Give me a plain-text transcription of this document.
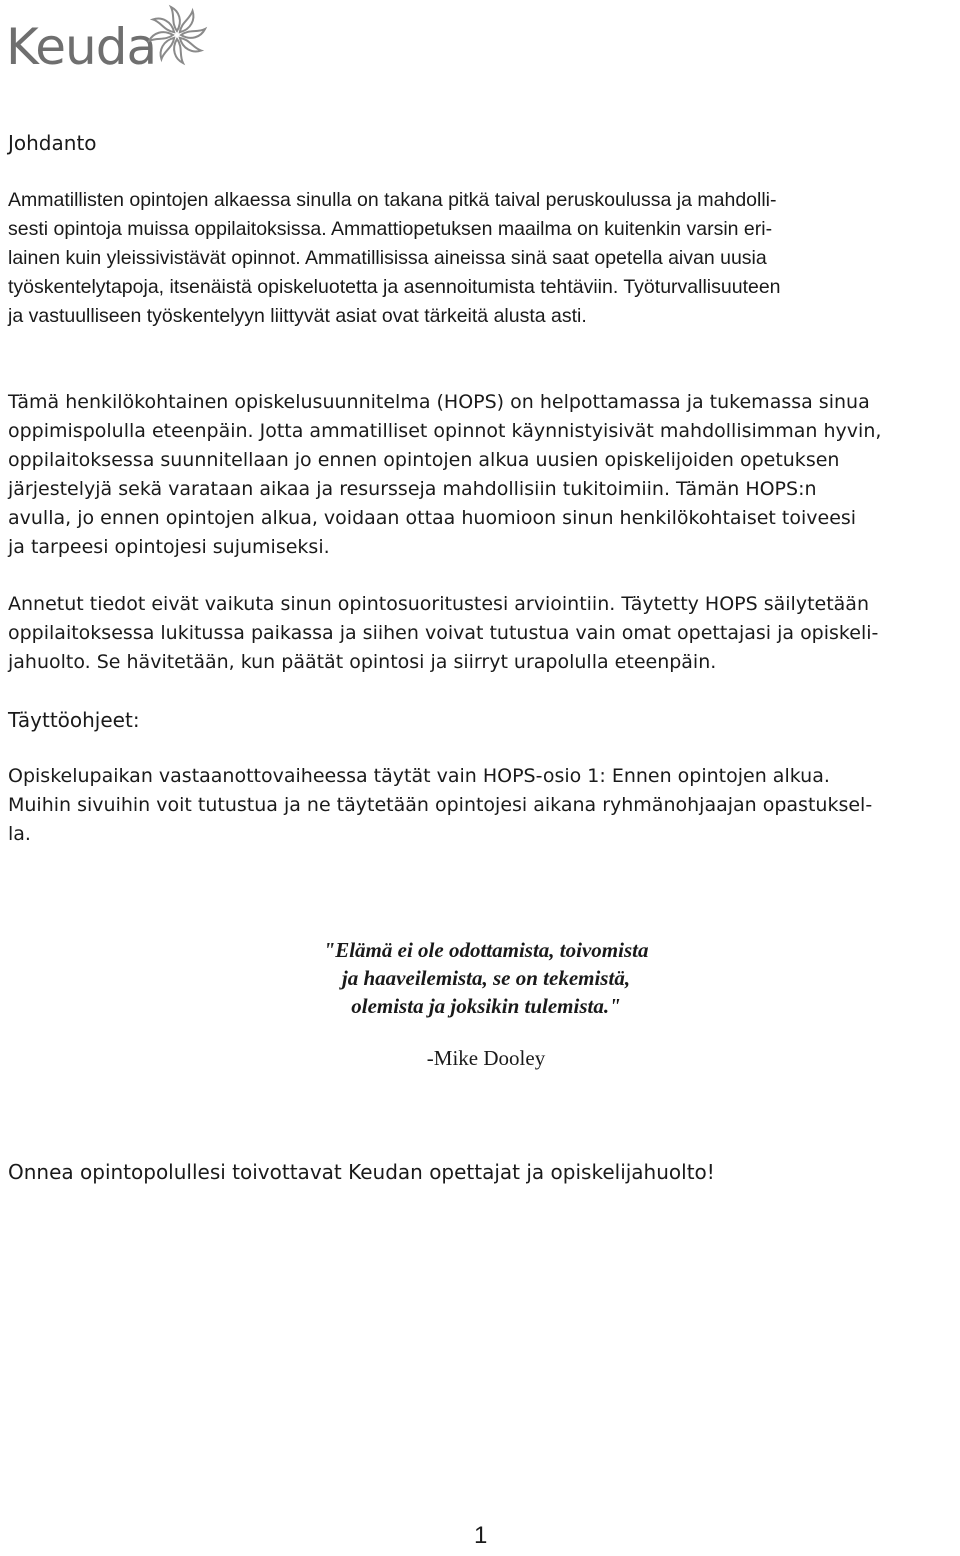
Keuda
Johdanto
Ammatillisten opintojen alkaessa sinulla on takana pitkä taival peruskoulussa ja mahdolli-
sesti opintoja muissa oppilaitoksissa. Ammattiopetuksen maailma on kuitenkin varsin eri-
lainen kuin yleissivistävät opinnot. Ammatillisissa aineissa sinä saat opetella aivan uusia
työskentelytapoja, itsenäistä opiskeluotetta ja asennoitumista tehtäviin. Työturvallisuuteen
ja vastuulliseen työskentelyyn liittyvät asiat ovat tärkeitä alusta asti.
Tämä henkilökohtainen opiskelusuunnitelma (HOPS) on helpottamassa ja tukemassa sinua
oppimispolulla eteenpäin. Jotta ammatilliset opinnot käynnistyisivät mahdollisimman hyvin,
oppilaitoksessa suunnitellaan jo ennen opintojen alkua uusien opiskelijoiden opetuksen
järjestelyjä sekä varataan aikaa ja resursseja mahdollisiin tukitoimiin. Tämän HOPS:n
avulla, jo ennen opintojen alkua, voidaan ottaa huomioon sinun henkilökohtaiset toiveesi
ja tarpeesi opintojesi sujumiseksi.
Annetut tiedot eivät vaikuta sinun opintosuoritustesi arviointiin. Täytetty HOPS säilytetään
oppilaitoksessa lukitussa paikassa ja siihen voivat tutustua vain omat opettajasi ja opiskeli-
jahuolto. Se hävitetään, kun päätät opintosi ja siirryt urapolulla eteenpäin.
Täyttöohjeet:
Opiskelupaikan vastaanottovaiheessa täytät vain HOPS-osio 1: Ennen opintojen alkua.
Muihin sivuihin voit tutustua ja ne täytetään opintojesi aikana ryhmänohjaajan opastuksel-
la.
"Elämä ei ole odottamista, toivomista
ja haaveilemista, se on tekemistä,
olemista ja joksikin tulemista."
-Mike Dooley
Onnea opintopolullesi toivottavat Keudan opettajat ja opiskelijahuolto!
1
